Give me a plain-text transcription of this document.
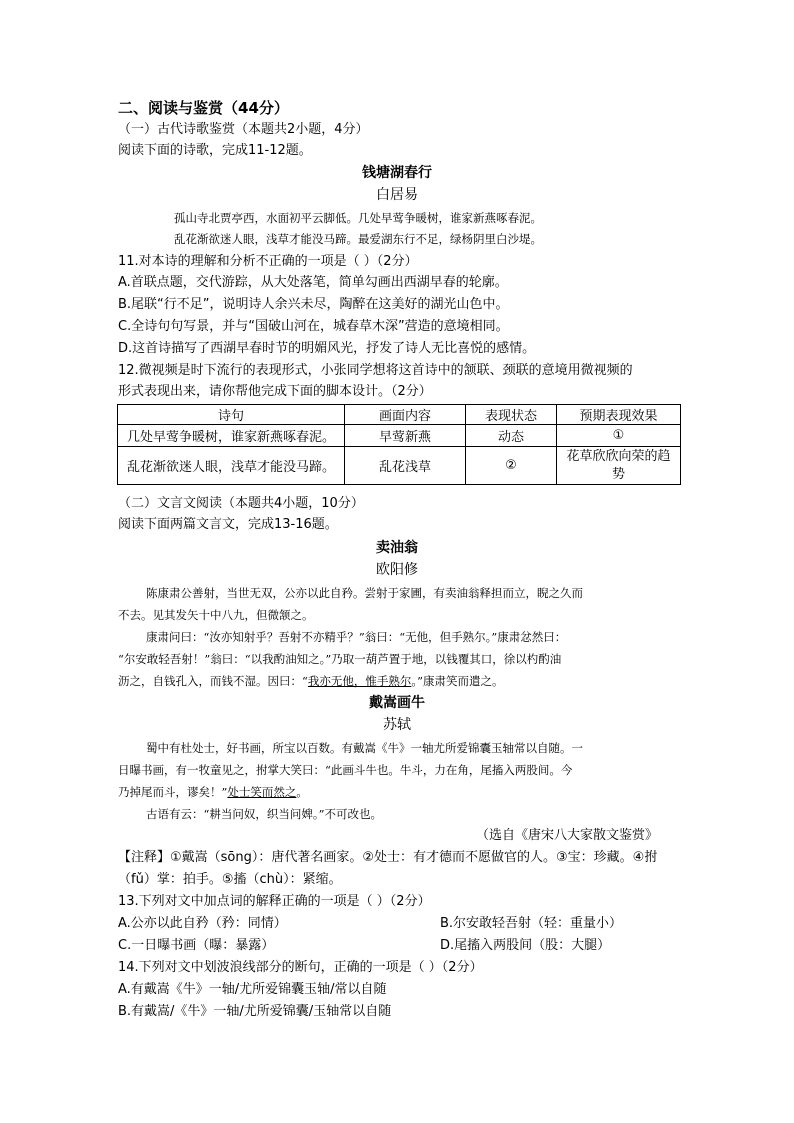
二、阅读与鉴赏（44分）
（一）古代诗歌鉴赏（本题共2小题，4分）
阅读下面的诗歌，完成11-12题。
钱塘湖春行
白居易
孤山寺北贾亭西，水面初平云脚低。几处早莺争暖树，谁家新燕啄春泥。
乱花渐欲迷人眼，浅草才能没马蹄。最爱湖东行不足，绿杨阴里白沙堤。
11.对本诗的理解和分析不正确的一项是（ ）（2分）
A.首联点题，交代游踪，从大处落笔，简单勾画出西湖早春的轮廓。
B.尾联“行不足”，说明诗人余兴未尽，陶醉在这美好的湖光山色中。
C.全诗句句写景，并与“国破山河在，城春草木深”营造的意境相同。
D.这首诗描写了西湖早春时节的明媚风光，抒发了诗人无比喜悦的感情。
12.微视频是时下流行的表现形式，小张同学想将这首诗中的颔联、颈联的意境用微视频的
形式表现出来，请你帮他完成下面的脚本设计。（2分）
诗句	画面内容	表现状态	预期表现效果
几处早莺争暖树，谁家新燕啄春泥。	早莺新燕	动态	①
乱花渐欲迷人眼，浅草才能没马蹄。	乱花浅草	②	花草欣欣向荣的趋
势
（二）文言文阅读（本题共4小题，10分）
阅读下面两篇文言文，完成13-16题。
卖油翁
欧阳修
陈康肃公善射，当世无双，公亦以此自矜。尝射于家圃，有卖油翁释担而立，睨之久而
不去。见其发矢十中八九，但微颔之。
康肃问曰：“汝亦知射乎？吾射不亦精乎？”翁曰：“无他，但手熟尔。”康肃忿然曰：
“尔安敢轻吾射！”翁曰：“以我酌油知之。”乃取一葫芦置于地，以钱覆其口，徐以杓酌油
沥之，自钱孔入，而钱不湿。因曰：“我亦无他，惟手熟尔。”康肃笑而遣之。
戴嵩画牛
苏轼
蜀中有杜处士，好书画，所宝以百数。有戴嵩《牛》一轴尤所爱锦囊玉轴常以自随。一
日曝书画，有一牧童见之，拊掌大笑曰：“此画斗牛也。牛斗，力在角，尾搐入两股间。今
乃掉尾而斗，谬矣！”处士笑而然之。
古语有云：“耕当问奴，织当问婢。”不可改也。
（选自《唐宋八大家散文鉴赏》
【注释】①戴嵩（sōng）：唐代著名画家。②处士：有才德而不愿做官的人。③宝：珍藏。④拊
（fǔ）掌：拍手。⑤搐（chù）：紧缩。
13.下列对文中加点词的解释正确的一项是（ ）（2分）
A.公亦以此自矜（矜：同情）	B.尔安敢轻吾射（轻：重量小）
C.一日曝书画（曝：暴露）	D.尾搐入两股间（股：大腿）
14.下列对文中划波浪线部分的断句，正确的一项是（ ）（2分）
A.有戴嵩《牛》一轴/尤所爱锦囊玉轴/常以自随
B.有戴嵩/《牛》一轴/尤所爱锦囊/玉轴常以自随
